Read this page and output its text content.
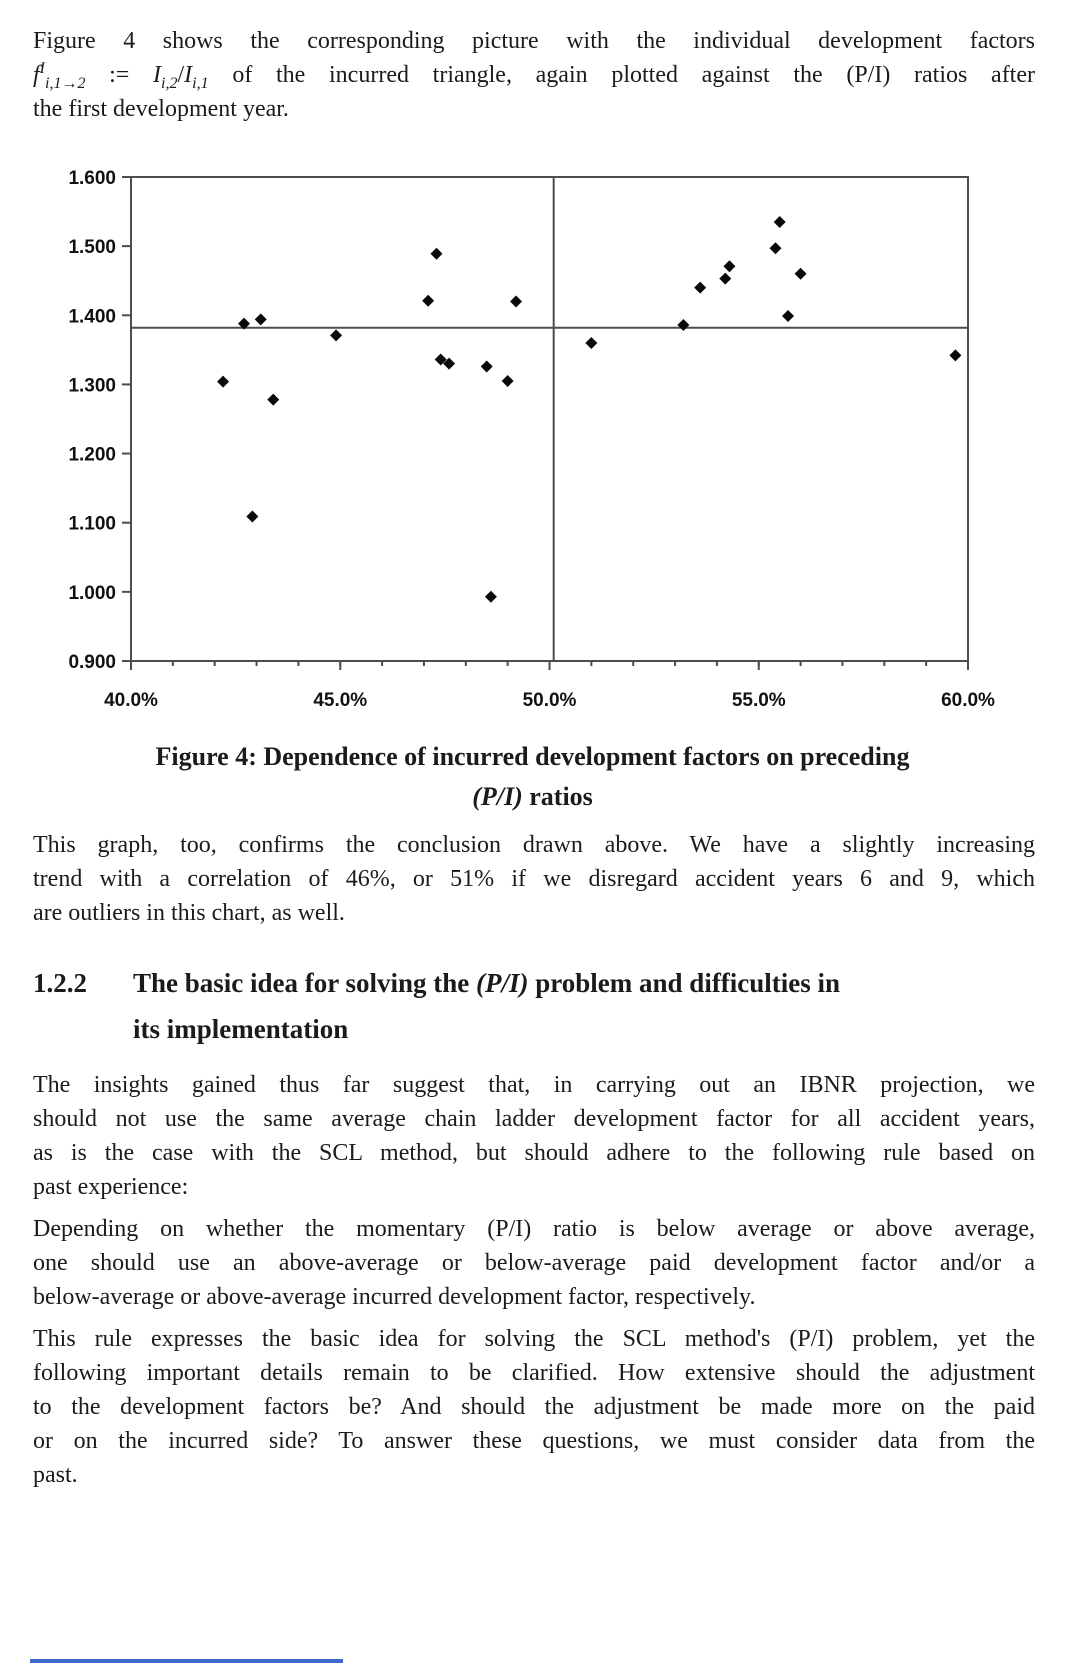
Figure 4 shows the corresponding picture with the individual development factors
$f^I_{i,1\to 2}$ := $I_{i,2}/I_{i,1}$ of the incurred triangle, again plotted against the (P/I) ratios after
the first development year.
0.900
1.000
1.100
1.200
1.300
1.400
1.500
1.600
40.0%	45.0%	50.0%	55.0%	60.0%
Figure 4: Dependence of incurred development factors on preceding
(P/I) ratios
This graph, too, confirms the conclusion drawn above. We have a slightly increasing
trend with a correlation of 46%, or 51% if we disregard accident years 6 and 9, which
are outliers in this chart, as well.
1.2.2 The basic idea for solving the (P/I) problem and difficulties in
its implementation
The insights gained thus far suggest that, in carrying out an IBNR projection, we
should not use the same average chain ladder development factor for all accident years,
as is the case with the SCL method, but should adhere to the following rule based on
past experience:
Depending on whether the momentary (P/I) ratio is below average or above average,
one should use an above-average or below-average paid development factor and/or a
below-average or above-average incurred development factor, respectively.
This rule expresses the basic idea for solving the SCL method's (P/I) problem, yet the
following important details remain to be clarified. How extensive should the adjustment
to the development factors be? And should the adjustment be made more on the paid
or on the incurred side? To answer these questions, we must consider data from the
past.
